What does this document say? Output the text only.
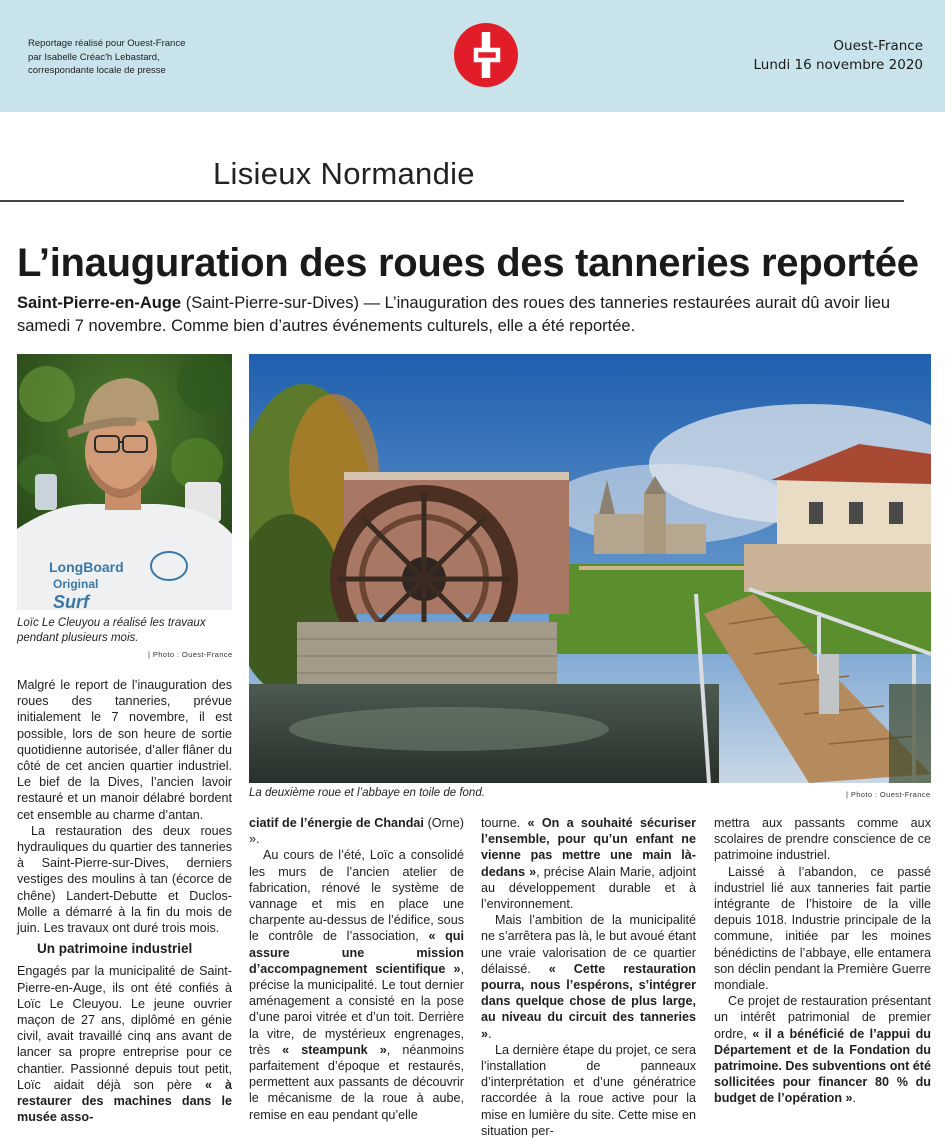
Reportage réalisé pour Ouest-France
par Isabelle Créac'h Lebastard,
correspondante locale de presse
Ouest-France
Lundi 16 novembre 2020
Lisieux Normandie
L’inauguration des roues des tanneries reportée
Saint-Pierre-en-Auge (Saint-Pierre-sur-Dives) — L’inauguration des roues des tanneries restaurées aurait dû avoir lieu samedi 7 novembre. Comme bien d’autres événements culturels, elle a été reportée.
LongBoard
Original
Surf
Loïc Le Cleuyou a réalisé les travaux
pendant plusieurs mois.
| Photo : Ouest-France
La deuxième roue et l’abbaye en toile de fond.	| Photo : Ouest-France

Malgré le report de l’inauguration des roues des tanneries, prévue initialement le 7 novembre, il est possible, lors de son heure de sortie quotidienne autorisée, d’aller flâner du côté de cet ancien quartier industriel. Le bief de la Dives, l’ancien lavoir restauré et un manoir délabré bordent cet ensemble au charme d’antan.

La restauration des deux roues hydrauliques du quartier des tanneries à Saint-Pierre-sur-Dives, derniers vestiges des moulins à tan (écorce de chêne) Landert-Debutte et Duclos-Molle a démarré à la fin du mois de juin. Les travaux ont duré trois mois.

Un patrimoine industriel

Engagés par la municipalité de Saint-Pierre-en-Auge, ils ont été confiés à Loïc Le Cleuyou. Le jeune ouvrier maçon de 27 ans, diplômé en génie civil, avait travaillé cinq ans avant de lancer sa propre entreprise pour ce chantier. Passionné depuis tout petit, Loïc aidait déjà son père « à restaurer des machines dans le musée asso-

ciatif de l’énergie de Chandai (Orne) ».

Au cours de l’été, Loïc a consolidé les murs de l’ancien atelier de fabrication, rénové le système de vannage et mis en place une charpente au-dessus de l’édifice, sous le contrôle de l’association, « qui assure une mission d’accompagnement scientifique », précise la municipalité. Le tout dernier aménagement a consisté en la pose d’une paroi vitrée et d’un toit. Derrière la vitre, de mystérieux engrenages, très « steampunk », néanmoins parfaitement d’époque et restaurés, permettent aux passants de découvrir le mécanisme de la roue à aube, remise en eau pendant qu’elle

tourne. « On a souhaité sécuriser l’ensemble, pour qu’un enfant ne vienne pas mettre une main là-dedans », précise Alain Marie, adjoint au développement durable et à l’environnement.

Mais l’ambition de la municipalité ne s’arrêtera pas là, le but avoué étant une vraie valorisation de ce quartier délaissé. « Cette restauration pourra, nous l’espérons, s’intégrer dans quelque chose de plus large, au niveau du circuit des tanneries ».

La dernière étape du projet, ce sera l’installation de panneaux d’interprétation et d’une génératrice raccordée à la roue active pour la mise en lumière du site. Cette mise en situation per-

mettra aux passants comme aux scolaires de prendre conscience de ce patrimoine industriel.

Laissé à l’abandon, ce passé industriel lié aux tanneries fait partie intégrante de l’histoire de la ville depuis 1018. Industrie principale de la commune, initiée par les moines bénédictins de l’abbaye, elle entamera son déclin pendant la Première Guerre mondiale.

Ce projet de restauration présentant un intérêt patrimonial de premier ordre, « il a bénéficié de l’appui du Département et de la Fondation du patrimoine. Des subventions ont été sollicitées pour financer 80 % du budget de l’opération ».
